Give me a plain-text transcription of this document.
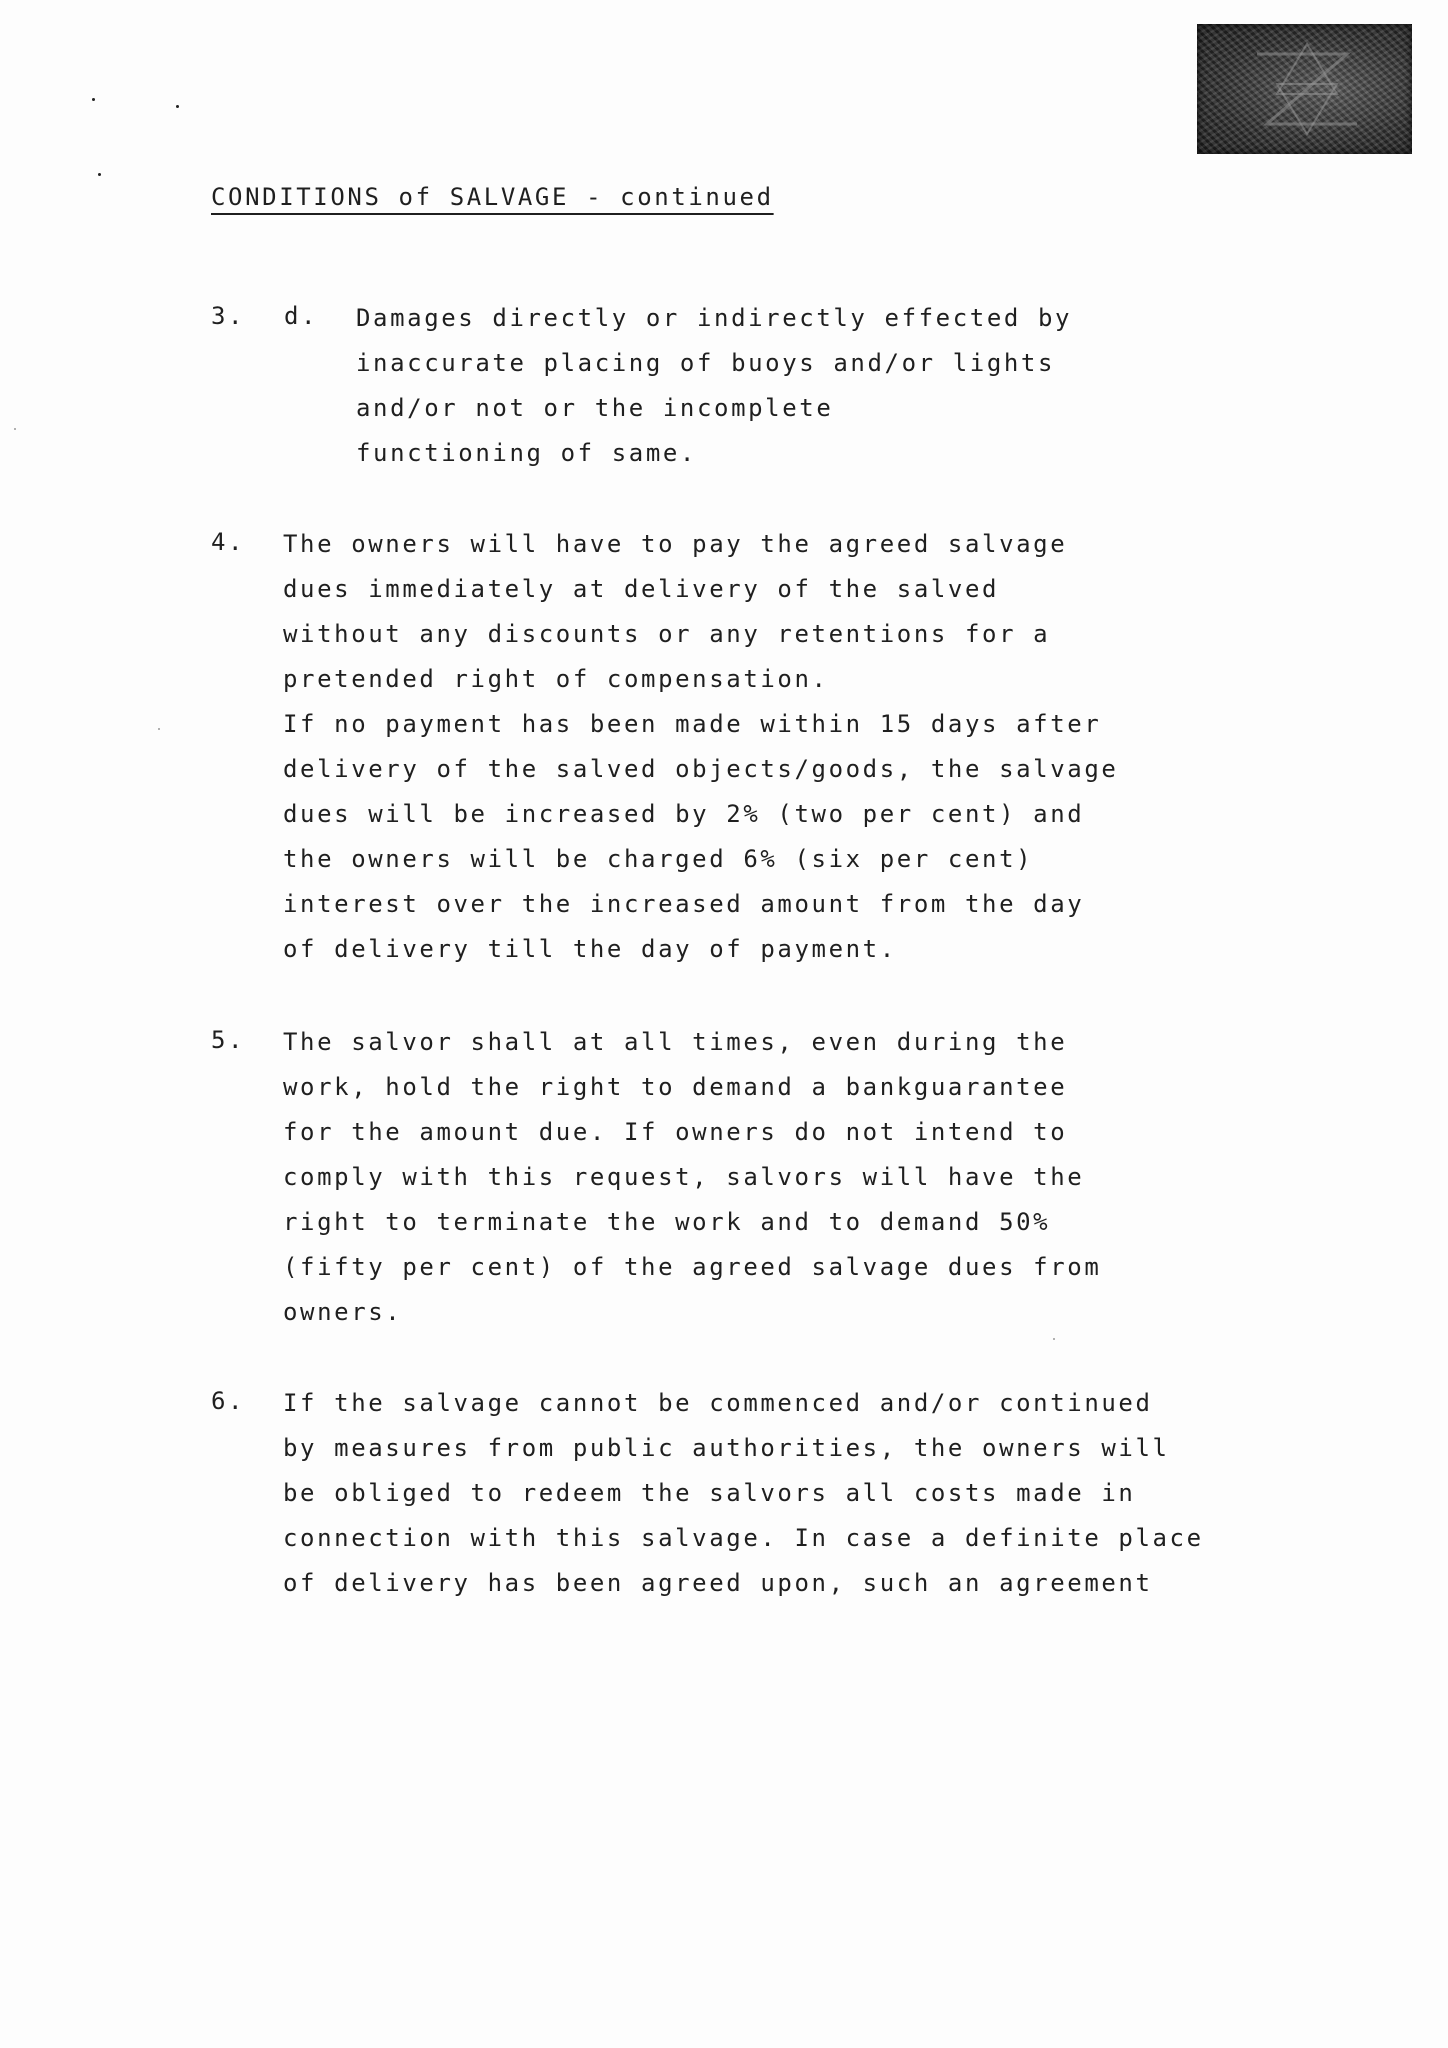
CONDITIONS of SALVAGE - continued
3. d. Damages directly or indirectly effected by
inaccurate placing of buoys and/or lights
and/or not or the incomplete
functioning of same.
4. The owners will have to pay the agreed salvage
dues immediately at delivery of the salved
without any discounts or any retentions for a
pretended right of compensation.
If no payment has been made within 15 days after
delivery of the salved objects/goods, the salvage
dues will be increased by 2% (two per cent) and
the owners will be charged 6% (six per cent)
interest over the increased amount from the day
of delivery till the day of payment.
5. The salvor shall at all times, even during the
work, hold the right to demand a bankguarantee
for the amount due. If owners do not intend to
comply with this request, salvors will have the
right to terminate the work and to demand 50%
(fifty per cent) of the agreed salvage dues from
owners.
6. If the salvage cannot be commenced and/or continued
by measures from public authorities, the owners will
be obliged to redeem the salvors all costs made in
connection with this salvage. In case a definite place
of delivery has been agreed upon, such an agreement
